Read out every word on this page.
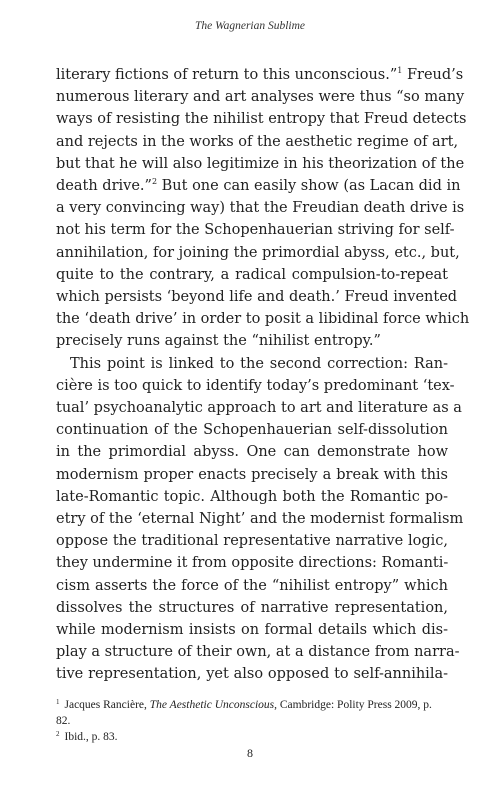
The Wagnerian Sublime
literary fictions of return to this unconscious.”$^1$ Freud’s
numerous literary and art analyses were thus “so many
ways of resisting the nihilist entropy that Freud detects
and rejects in the works of the aesthetic regime of art,
but that he will also legitimize in his theorization of the
death drive.”$^2$ But one can easily show (as Lacan did in
a very convincing way) that the Freudian death drive is
not his term for the Schopenhauerian striving for self-
annihilation, for joining the primordial abyss, etc., but,
quite to the contrary, a radical compulsion-to-repeat
which persists ‘beyond life and death.’ Freud invented
the ‘death drive’ in order to posit a libidinal force which
precisely runs against the “nihilist entropy.”
This point is linked to the second correction: Ran-
cière is too quick to identify today’s predominant ‘tex-
tual’ psychoanalytic approach to art and literature as a
continuation of the Schopenhauerian self-dissolution
in the primordial abyss. One can demonstrate how
modernism proper enacts precisely a break with this
late-Romantic topic. Although both the Romantic po-
etry of the ‘eternal Night’ and the modernist formalism
oppose the traditional representative narrative logic,
they undermine it from opposite directions: Romanti-
cism asserts the force of the “nihilist entropy” which
dissolves the structures of narrative representation,
while modernism insists on formal details which dis-
play a structure of their own, at a distance from narra-
tive representation, yet also opposed to self-annihila-
$^1$ Jacques Rancière, The Aesthetic Unconscious, Cambridge: Polity Press 2009, p. 82.
$^2$ Ibid., p. 83.
8
